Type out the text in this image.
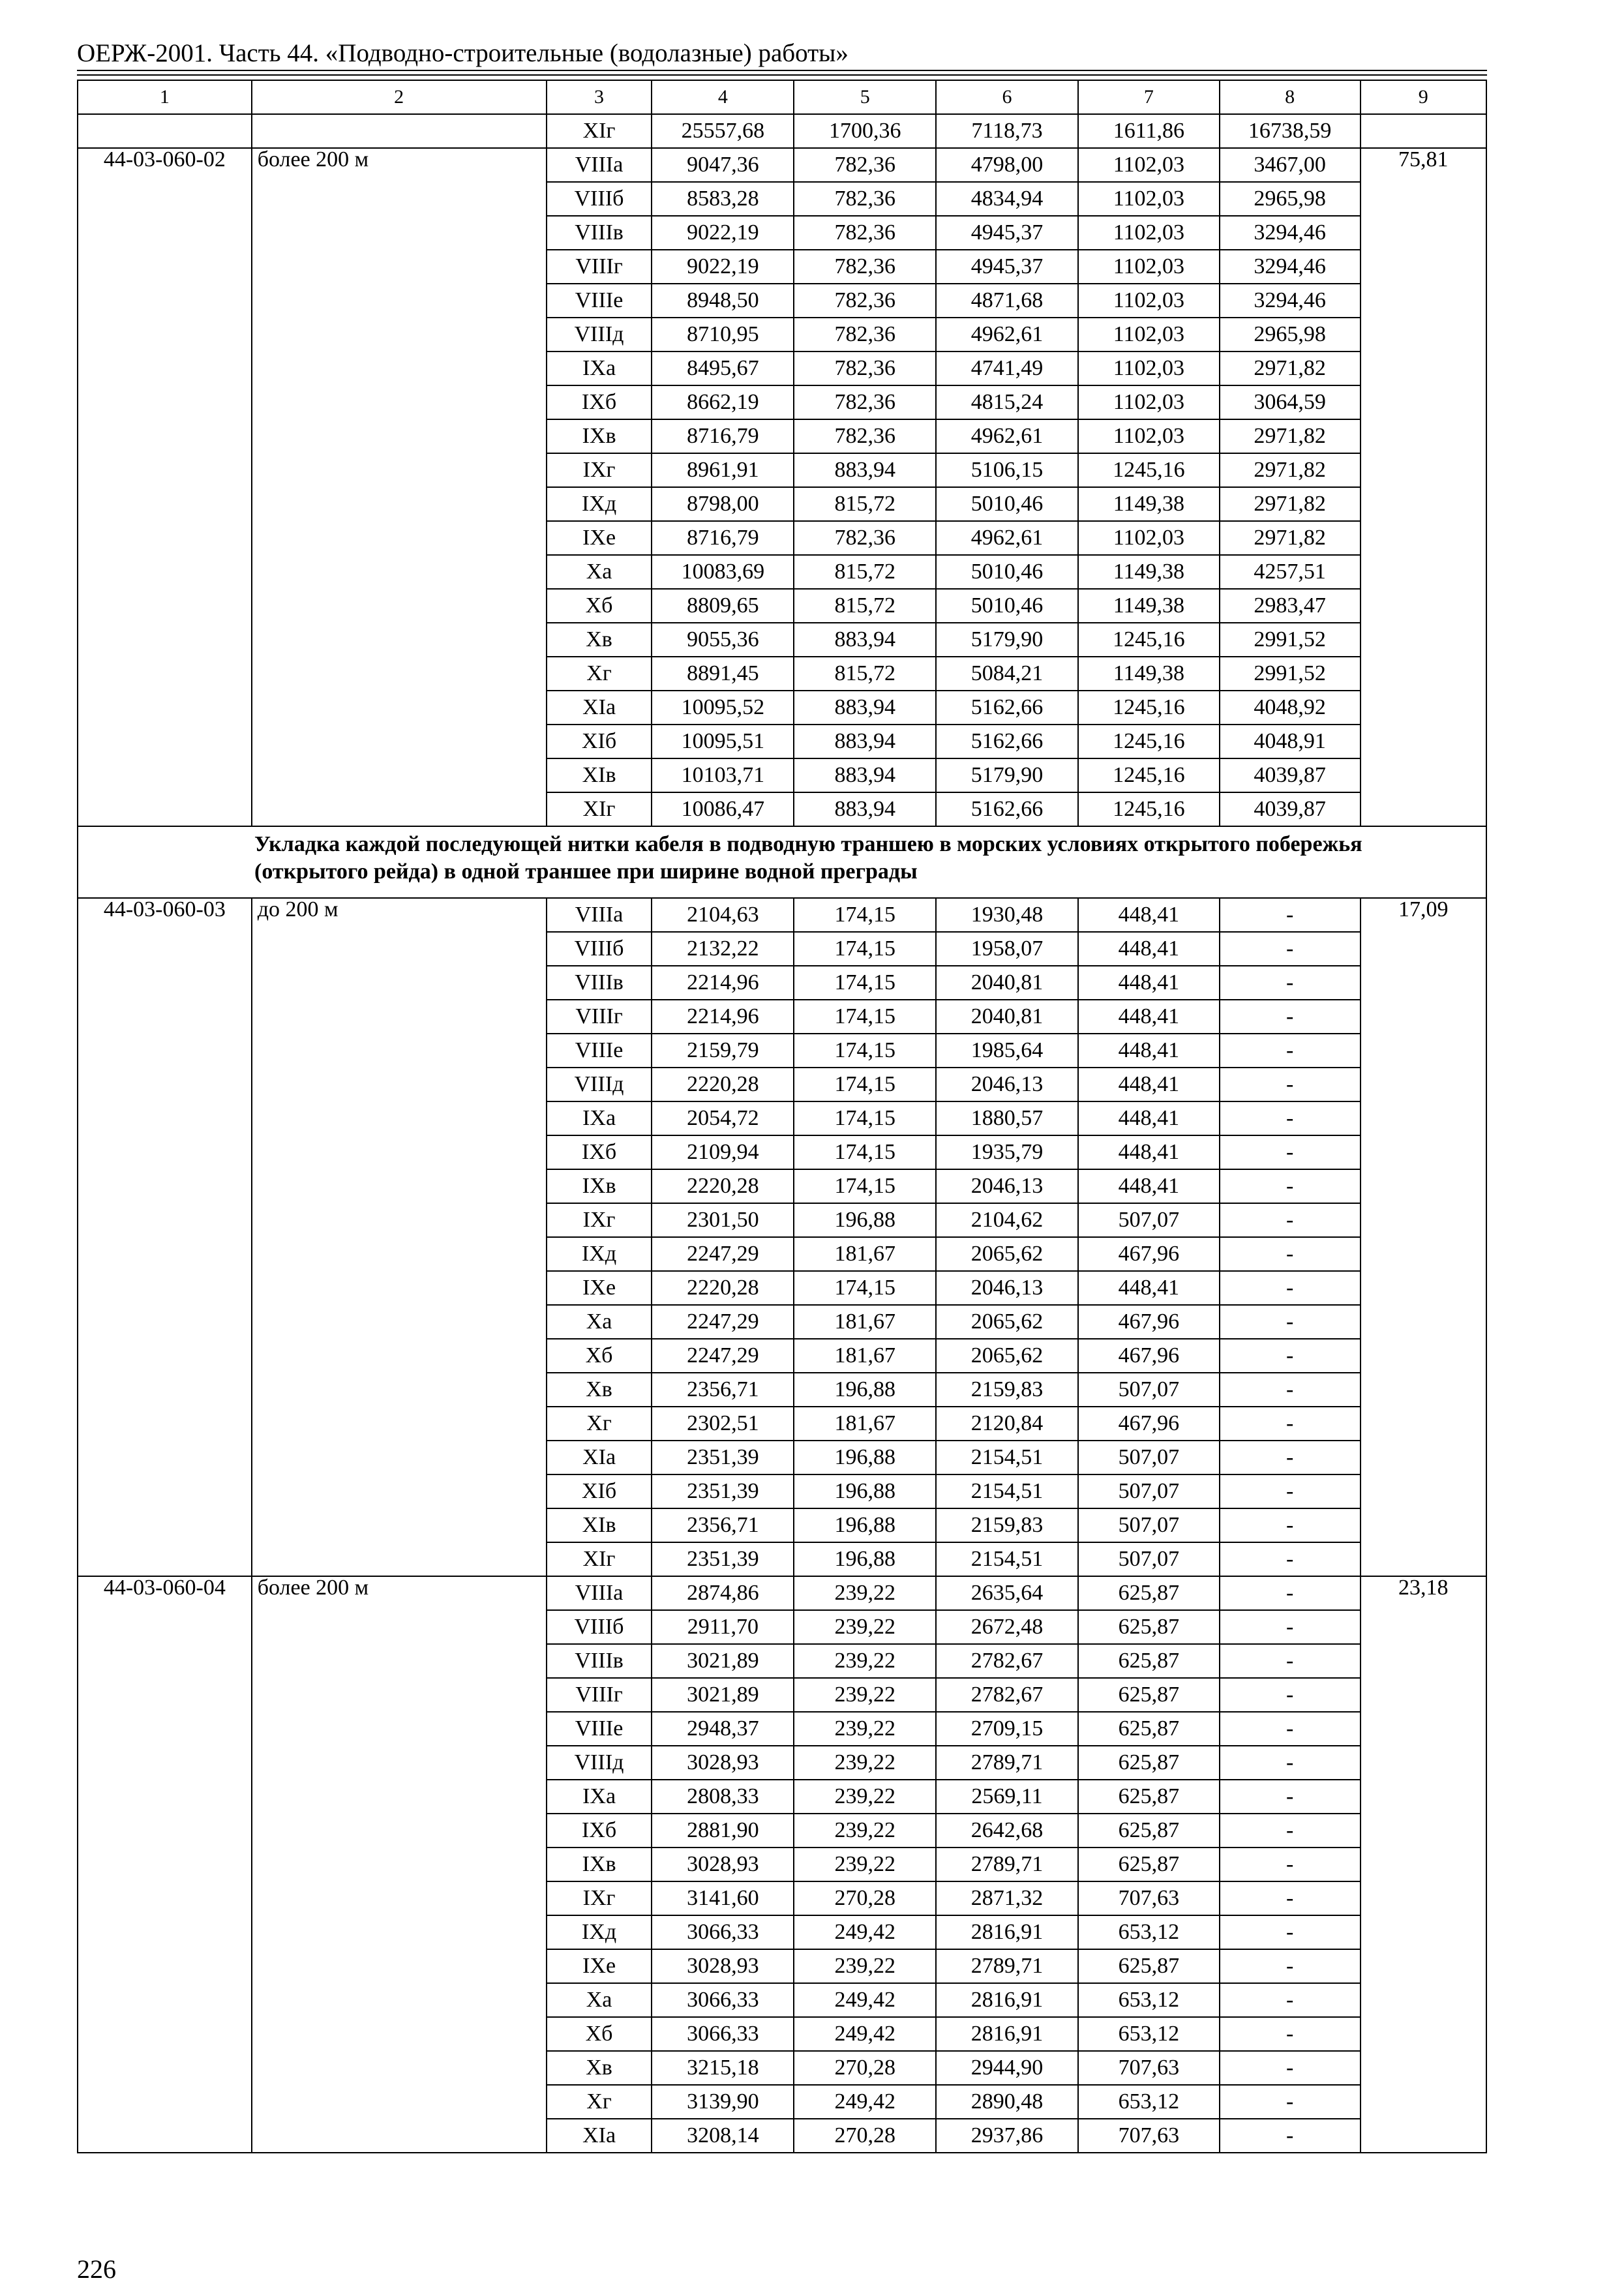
ОЕРЖ-2001. Часть 44. «Подводно-строительные (водолазные) работы»
1	2	3	4	5	6	7	8	9
		XIг	25557,68	1700,36	7118,73	1611,86	16738,59	
44-03-060-02	более 200 м	VIIIа	9047,36	782,36	4798,00	1102,03	3467,00	75,81
		VIIIб	8583,28	782,36	4834,94	1102,03	2965,98	
		VIIIв	9022,19	782,36	4945,37	1102,03	3294,46	
		VIIIг	9022,19	782,36	4945,37	1102,03	3294,46	
		VIIIе	8948,50	782,36	4871,68	1102,03	3294,46	
		VIIIд	8710,95	782,36	4962,61	1102,03	2965,98	
		IXа	8495,67	782,36	4741,49	1102,03	2971,82	
		IXб	8662,19	782,36	4815,24	1102,03	3064,59	
		IXв	8716,79	782,36	4962,61	1102,03	2971,82	
		IXг	8961,91	883,94	5106,15	1245,16	2971,82	
		IXд	8798,00	815,72	5010,46	1149,38	2971,82	
		IXе	8716,79	782,36	4962,61	1102,03	2971,82	
		Xа	10083,69	815,72	5010,46	1149,38	4257,51	
		Xб	8809,65	815,72	5010,46	1149,38	2983,47	
		Xв	9055,36	883,94	5179,90	1245,16	2991,52	
		Xг	8891,45	815,72	5084,21	1149,38	2991,52	
		XIа	10095,52	883,94	5162,66	1245,16	4048,92	
		XIб	10095,51	883,94	5162,66	1245,16	4048,91	
		XIв	10103,71	883,94	5179,90	1245,16	4039,87	
		XIг	10086,47	883,94	5162,66	1245,16	4039,87	

Укладка каждой последующей нитки кабеля в подводную траншею в морских условиях открытого побережья (открытого рейда) в одной траншее при ширине водной преграды								

44-03-060-03	до 200 м	VIIIа	2104,63	174,15	1930,48	448,41	-	17,09
		VIIIб	2132,22	174,15	1958,07	448,41	-	
		VIIIв	2214,96	174,15	2040,81	448,41	-	
		VIIIг	2214,96	174,15	2040,81	448,41	-	
		VIIIе	2159,79	174,15	1985,64	448,41	-	
		VIIIд	2220,28	174,15	2046,13	448,41	-	
		IXа	2054,72	174,15	1880,57	448,41	-	
		IXб	2109,94	174,15	1935,79	448,41	-	
		IXв	2220,28	174,15	2046,13	448,41	-	
		IXг	2301,50	196,88	2104,62	507,07	-	
		IXд	2247,29	181,67	2065,62	467,96	-	
		IXе	2220,28	174,15	2046,13	448,41	-	
		Xа	2247,29	181,67	2065,62	467,96	-	
		Xб	2247,29	181,67	2065,62	467,96	-	
		Xв	2356,71	196,88	2159,83	507,07	-	
		Xг	2302,51	181,67	2120,84	467,96	-	
		XIа	2351,39	196,88	2154,51	507,07	-	
		XIб	2351,39	196,88	2154,51	507,07	-	
		XIв	2356,71	196,88	2159,83	507,07	-	
		XIг	2351,39	196,88	2154,51	507,07	-	
44-03-060-04	более 200 м	VIIIа	2874,86	239,22	2635,64	625,87	-	23,18
		VIIIб	2911,70	239,22	2672,48	625,87	-	
		VIIIв	3021,89	239,22	2782,67	625,87	-	
		VIIIг	3021,89	239,22	2782,67	625,87	-	
		VIIIе	2948,37	239,22	2709,15	625,87	-	
		VIIIд	3028,93	239,22	2789,71	625,87	-	
		IXа	2808,33	239,22	2569,11	625,87	-	
		IXб	2881,90	239,22	2642,68	625,87	-	
		IXв	3028,93	239,22	2789,71	625,87	-	
		IXг	3141,60	270,28	2871,32	707,63	-	
		IXд	3066,33	249,42	2816,91	653,12	-	
		IXе	3028,93	239,22	2789,71	625,87	-	
		Xа	3066,33	249,42	2816,91	653,12	-	
		Xб	3066,33	249,42	2816,91	653,12	-	
		Xв	3215,18	270,28	2944,90	707,63	-	
		Xг	3139,90	249,42	2890,48	653,12	-	
		XIа	3208,14	270,28	2937,86	707,63	-	
226
